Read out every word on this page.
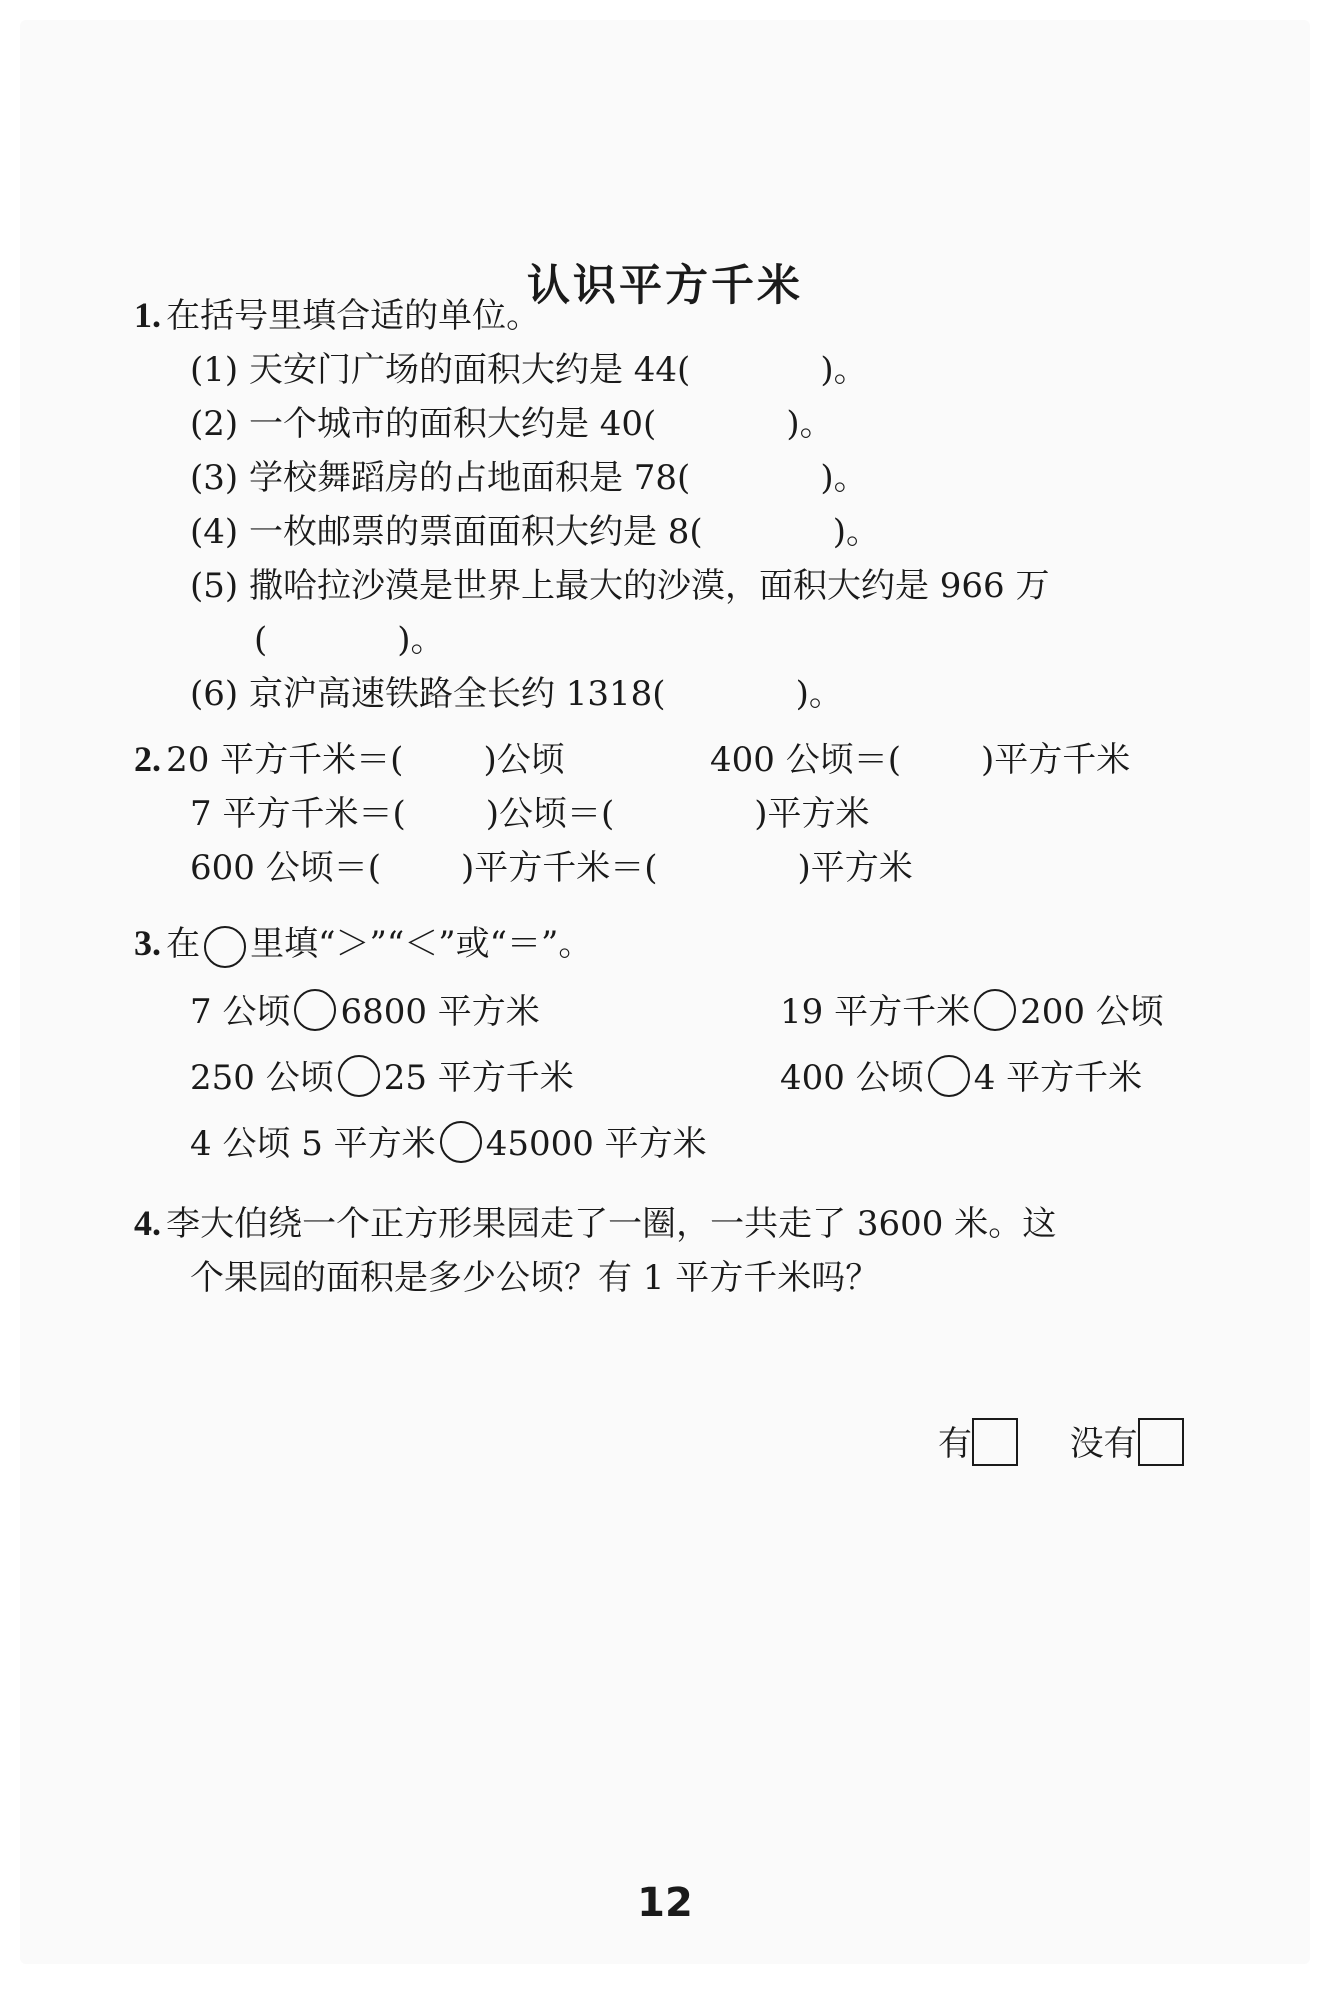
认识平方千米
1. 在括号里填合适的单位。
(1) 天安门广场的面积大约是 44(	)。
(2) 一个城市的面积大约是 40(	)。
(3) 学校舞蹈房的占地面积是 78(	)。
(4) 一枚邮票的票面面积大约是 8(	)。
(5) 撒哈拉沙漠是世界上最大的沙漠，面积大约是 966 万
(	)。
(6) 京沪高速铁路全长约 1318(	)。
2. 20 平方千米＝( )公顷	400 公顷＝( )平方千米
7 平方千米＝( )公顷＝(	)平方米
600 公顷＝( )平方千米＝(	)平方米
3. 在 里填“＞”“＜”或“＝”。
7 公顷 6800 平方米	19 平方千米 200 公顷
250 公顷 25 平方千米	400 公顷 4 平方千米
4 公顷 5 平方米 45000 平方米
4. 李大伯绕一个正方形果园走了一圈，一共走了 3600 米。这
个果园的面积是多少公顷？有 1 平方千米吗？
有	没有
12
